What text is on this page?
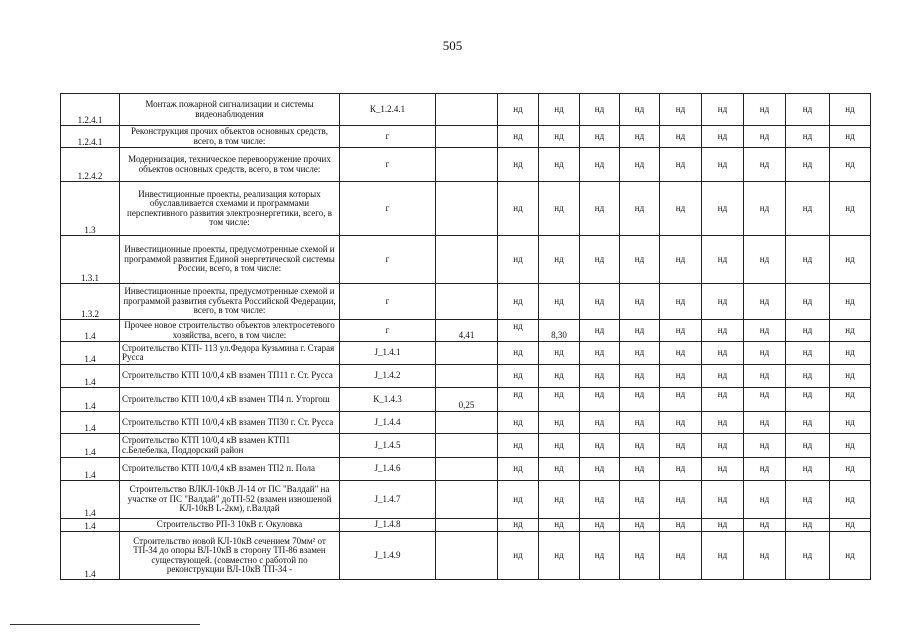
505
1.2.4.1	Монтаж пожарной сигнализации и системы видеонаблюдения	К_1.2.4.1		нд	нд	нд	нд	нд	нд	нд	нд	нд
1.2.4.1	Реконструкция прочих объектов основных средств, всего, в том числе:	г		нд	нд	нд	нд	нд	нд	нд	нд	нд
1.2.4.2	Модернизация, техническое перевооружение прочих объектов основных средств, всего, в том числе:	г		нд	нд	нд	нд	нд	нд	нд	нд	нд
1.3	Инвестиционные проекты, реализация которых обуславливается схемами и программами перспективного развития электроэнергетики, всего, в том числе:	г		нд	нд	нд	нд	нд	нд	нд	нд	нд
1.3.1	Инвестиционные проекты, предусмотренные схемой и программой развития Единой энергетической системы России, всего, в том числе:	г		нд	нд	нд	нд	нд	нд	нд	нд	нд
1.3.2	Инвестиционные проекты, предусмотренные схемой и программой развития субъекта Российской Федерации, всего, в том числе:	г		нд	нд	нд	нд	нд	нд	нд	нд	нд
1.4	Прочее новое строительство объектов электросетевого хозяйства, всего, в том числе:	г	4,41	нд	8,30	нд	нд	нд	нд	нд	нд	нд
1.4	Строительство КТП- 113 ул.Федора Кузьмина г. Старая Русса	J_1.4.1		нд	нд	нд	нд	нд	нд	нд	нд	нд
1.4	Строительство КТП 10/0,4 кВ взамен ТП11 г. Ст. Русса	J_1.4.2		нд	нд	нд	нд	нд	нд	нд	нд	нд
1.4	Строительство КТП 10/0,4 кВ взамен ТП4 п. Уторгош	К_1.4.3	0,25	нд	нд	нд	нд	нд	нд	нд	нд	нд
1.4	Строительство КТП 10/0,4 кВ взамен ТП30 г. Ст. Русса	J_1.4.4		нд	нд	нд	нд	нд	нд	нд	нд	нд
1.4	Строительство КТП 10/0,4 кВ взамен КТП1 с.Белебелка, Поддорский район	J_1.4.5		нд	нд	нд	нд	нд	нд	нд	нд	нд
1.4	Строительство КТП 10/0,4 кВ взамен ТП2 п. Пола	J_1.4.6		нд	нд	нд	нд	нд	нд	нд	нд	нд
1.4	Строительство ВЛКЛ-10кВ Л-14 от ПС "Валдай" на участке от ПС "Валдай" доТП-52 (взамен изношеной КЛ-10кВ L-2км), г.Валдай	J_1.4.7		нд	нд	нд	нд	нд	нд	нд	нд	нд
1.4	Строительство РП-3 10кВ г. Окуловка	J_1.4.8		нд	нд	нд	нд	нд	нд	нд	нд	нд
1.4	Строительство новой КЛ-10кВ сечением 70мм² от ТП-34 до опоры ВЛ-10кВ в сторону ТП-86 взамен существующей. (совместно с работой по реконструкции ВЛ-10кВ ТП-34 -	J_1.4.9		нд	нд	нд	нд	нд	нд	нд	нд	нд
